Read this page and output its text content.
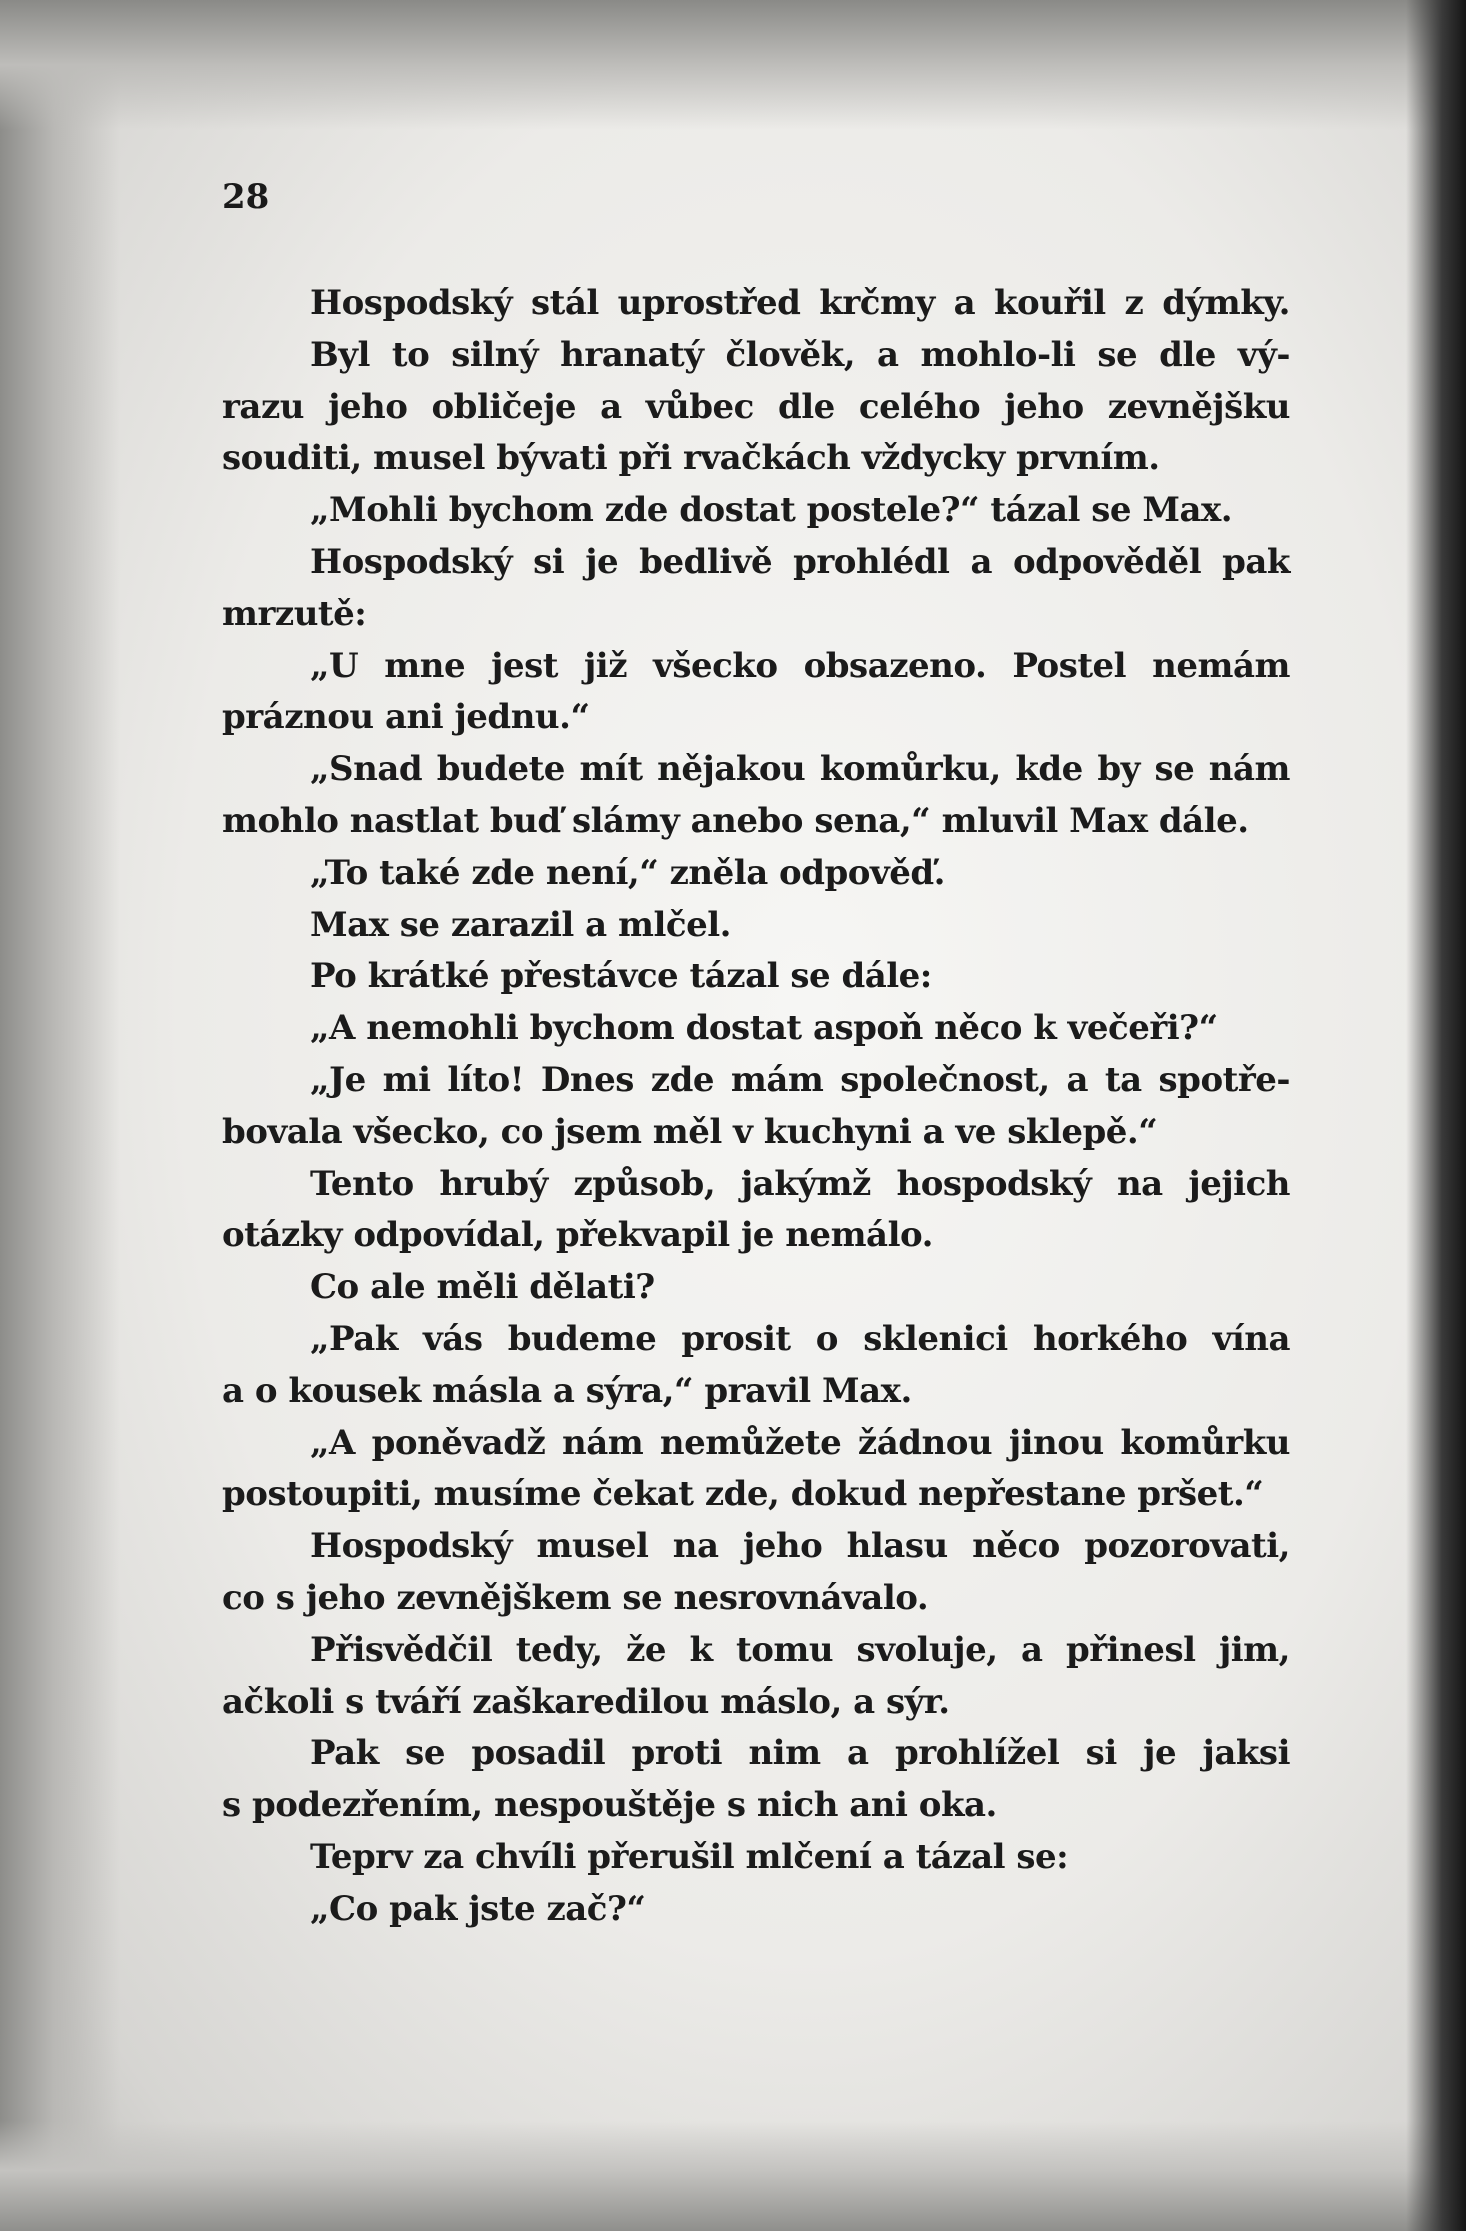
28
Hospodský stál uprostřed krčmy a kouřil z dýmky.
Byl to silný hranatý člověk, a mohlo-li se dle vý-
razu jeho obličeje a vůbec dle celého jeho zevnějšku
souditi, musel bývati při rvačkách vždycky prvním.
„Mohli bychom zde dostat postele?“ tázal se Max.
Hospodský si je bedlivě prohlédl a odpověděl pak
mrzutě:
„U mne jest již všecko obsazeno. Postel nemám
práznou ani jednu.“
„Snad budete mít nějakou komůrku, kde by se nám
mohlo nastlat buď slámy anebo sena,“ mluvil Max dále.
„To také zde není,“ zněla odpověď.
Max se zarazil a mlčel.
Po krátké přestávce tázal se dále:
„A nemohli bychom dostat aspoň něco k večeři?“
„Je mi líto! Dnes zde mám společnost, a ta spotře-
bovala všecko, co jsem měl v kuchyni a ve sklepě.“
Tento hrubý způsob, jakýmž hospodský na jejich
otázky odpovídal, překvapil je nemálo.
Co ale měli dělati?
„Pak vás budeme prosit o sklenici horkého vína
a o kousek másla a sýra,“ pravil Max.
„A poněvadž nám nemůžete žádnou jinou komůrku
postoupiti, musíme čekat zde, dokud nepřestane pršet.“
Hospodský musel na jeho hlasu něco pozorovati,
co s jeho zevnějškem se nesrovnávalo.
Přisvědčil tedy, že k tomu svoluje, a přinesl jim,
ačkoli s tváří zaškaredilou máslo, a sýr.
Pak se posadil proti nim a prohlížel si je jaksi
s podezřením, nespouštěje s nich ani oka.
Teprv za chvíli přerušil mlčení a tázal se:
„Co pak jste zač?“
